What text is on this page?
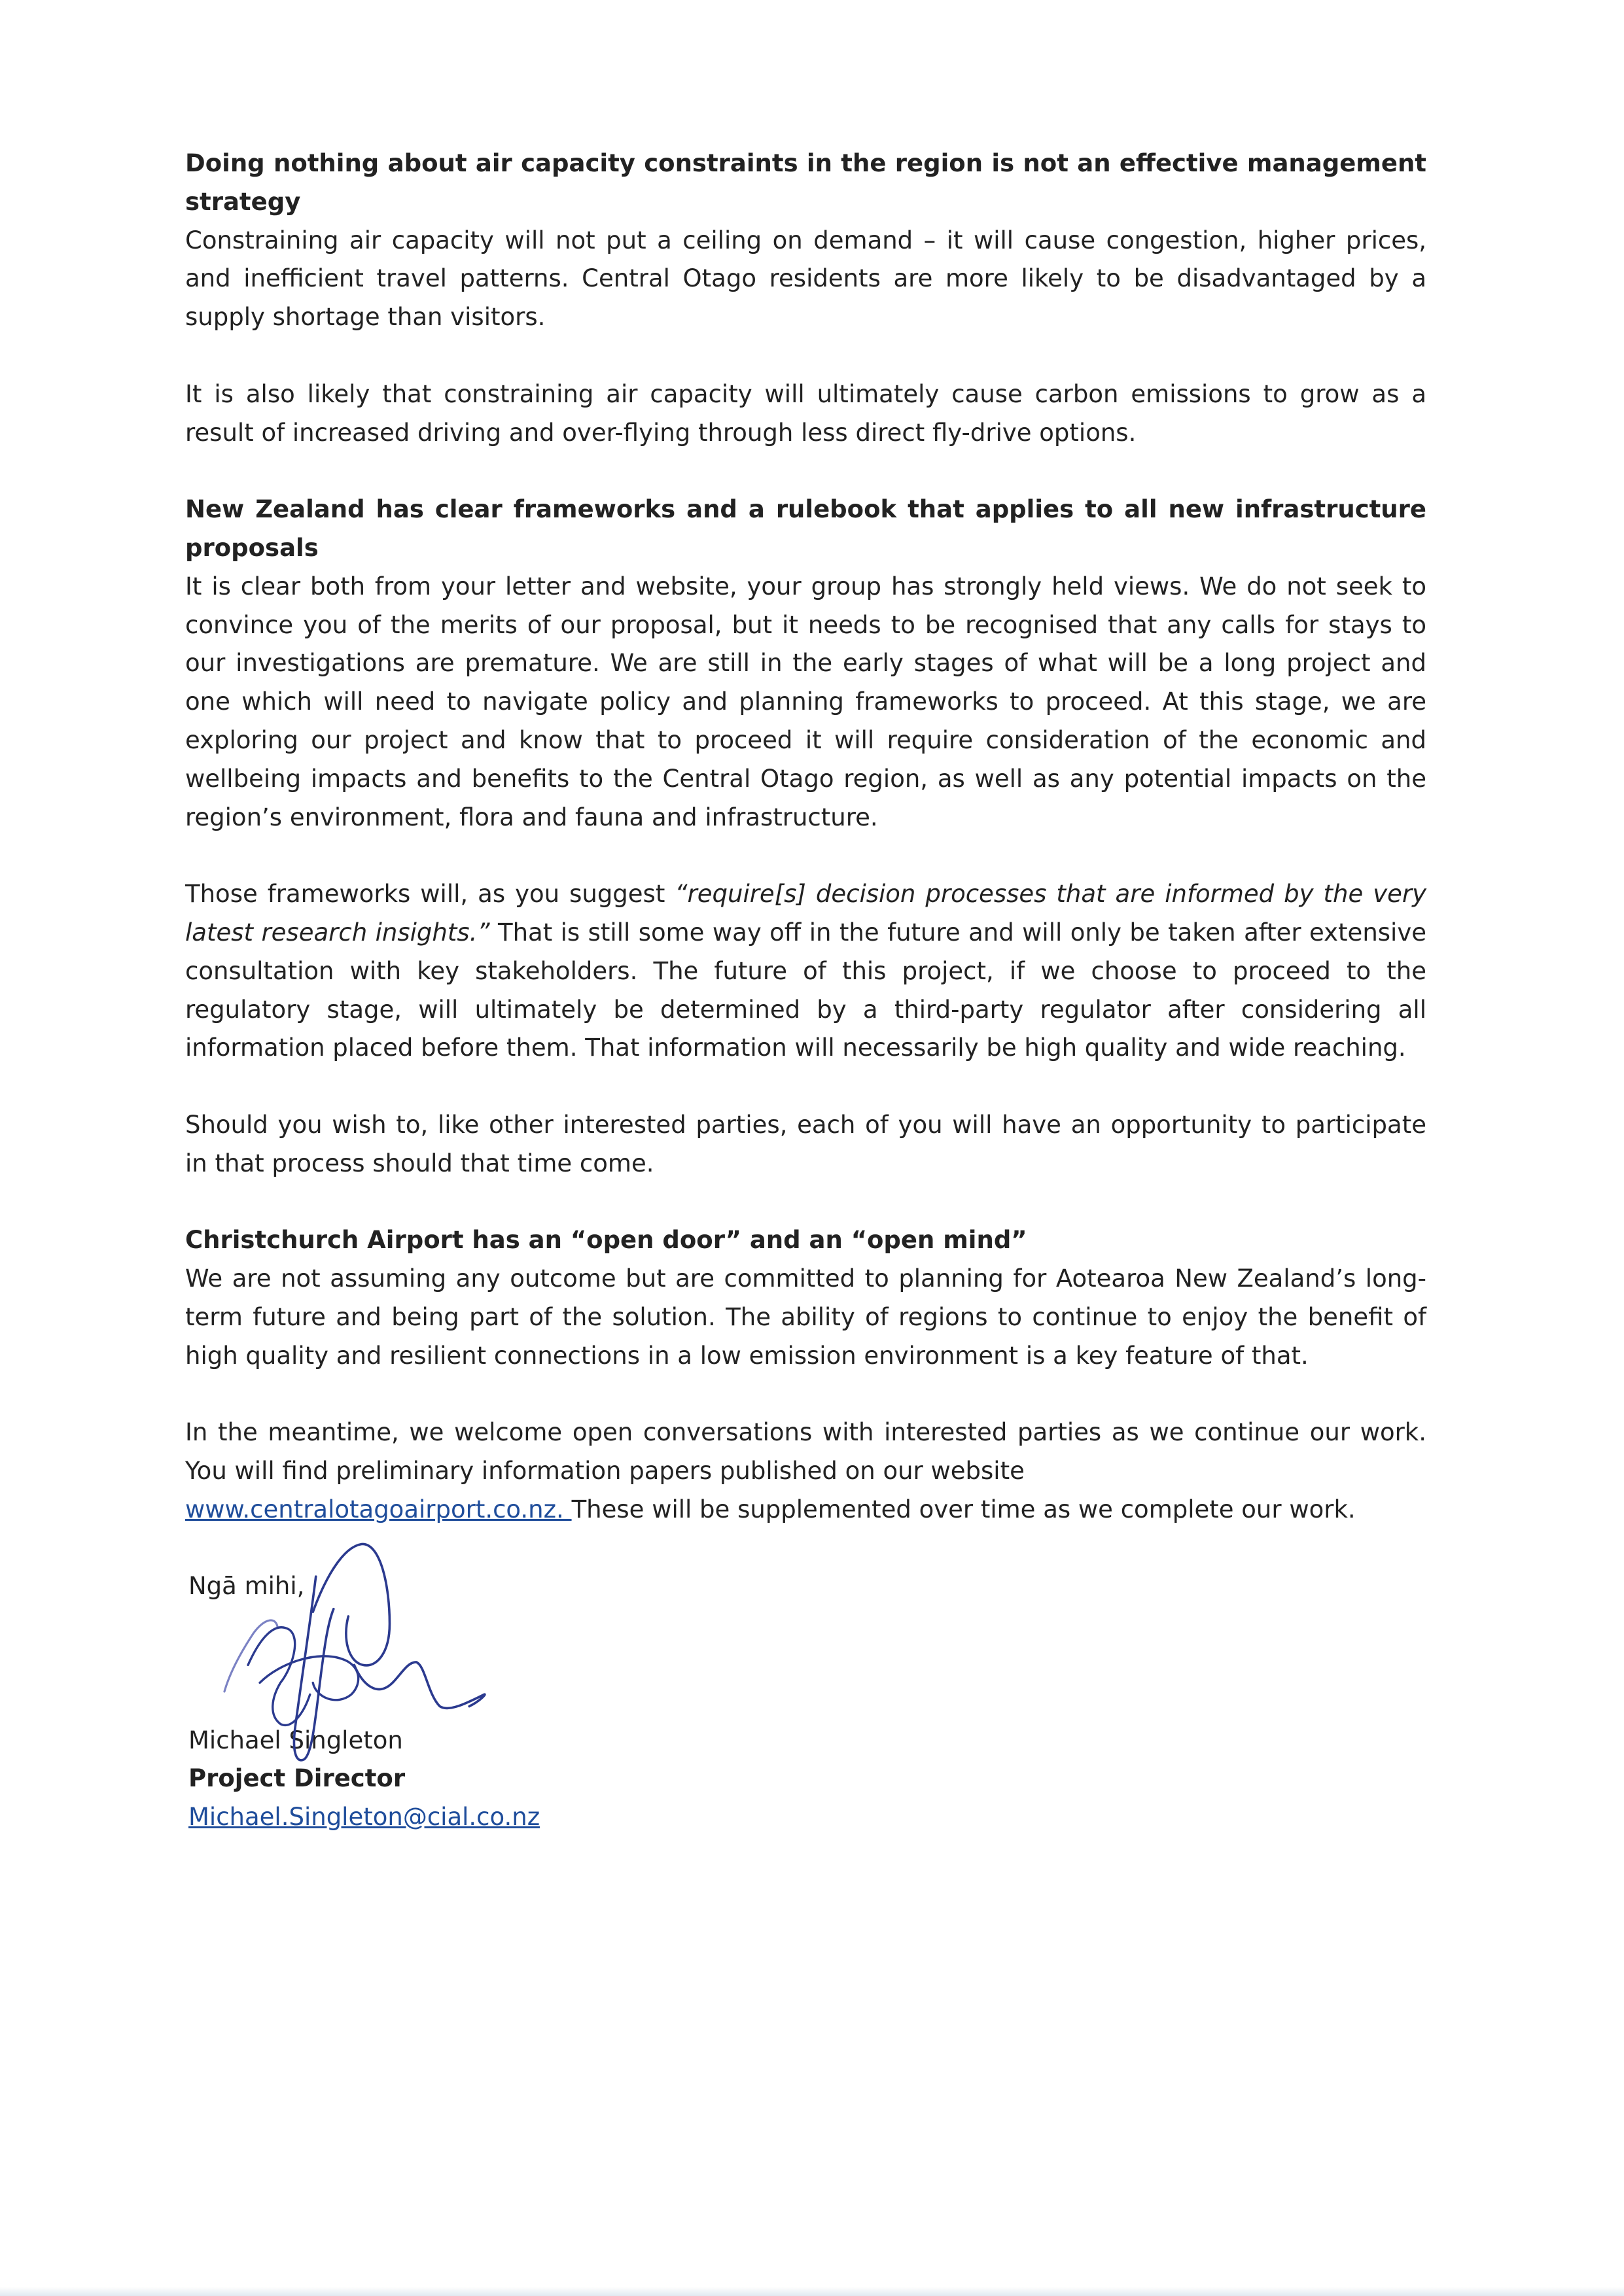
Doing nothing about air capacity constraints in the region is not an effective management
strategy
Constraining air capacity will not put a ceiling on demand – it will cause congestion, higher prices,
and inefficient travel patterns. Central Otago residents are more likely to be disadvantaged by a
supply shortage than visitors.
It is also likely that constraining air capacity will ultimately cause carbon emissions to grow as a
result of increased driving and over-flying through less direct fly-drive options.
New Zealand has clear frameworks and a rulebook that applies to all new infrastructure
proposals
It is clear both from your letter and website, your group has strongly held views. We do not seek to
convince you of the merits of our proposal, but it needs to be recognised that any calls for stays to
our investigations are premature. We are still in the early stages of what will be a long project and
one which will need to navigate policy and planning frameworks to proceed. At this stage, we are
exploring our project and know that to proceed it will require consideration of the economic and
wellbeing impacts and benefits to the Central Otago region, as well as any potential impacts on the
region’s environment, flora and fauna and infrastructure.
Those frameworks will, as you suggest “require[s] decision processes that are informed by the very
latest research insights.” That is still some way off in the future and will only be taken after extensive
consultation with key stakeholders. The future of this project, if we choose to proceed to the
regulatory stage, will ultimately be determined by a third-party regulator after considering all
information placed before them. That information will necessarily be high quality and wide reaching.
Should you wish to, like other interested parties, each of you will have an opportunity to participate
in that process should that time come.
Christchurch Airport has an “open door” and an “open mind”
We are not assuming any outcome but are committed to planning for Aotearoa New Zealand’s long-
term future and being part of the solution. The ability of regions to continue to enjoy the benefit of
high quality and resilient connections in a low emission environment is a key feature of that.
In the meantime, we welcome open conversations with interested parties as we continue our work.
You will find preliminary information papers published on our website
www.centralotagoairport.co.nz. These will be supplemented over time as we complete our work.
Ngā mihi,
Michael Singleton
Project Director
Michael.Singleton@cial.co.nz
